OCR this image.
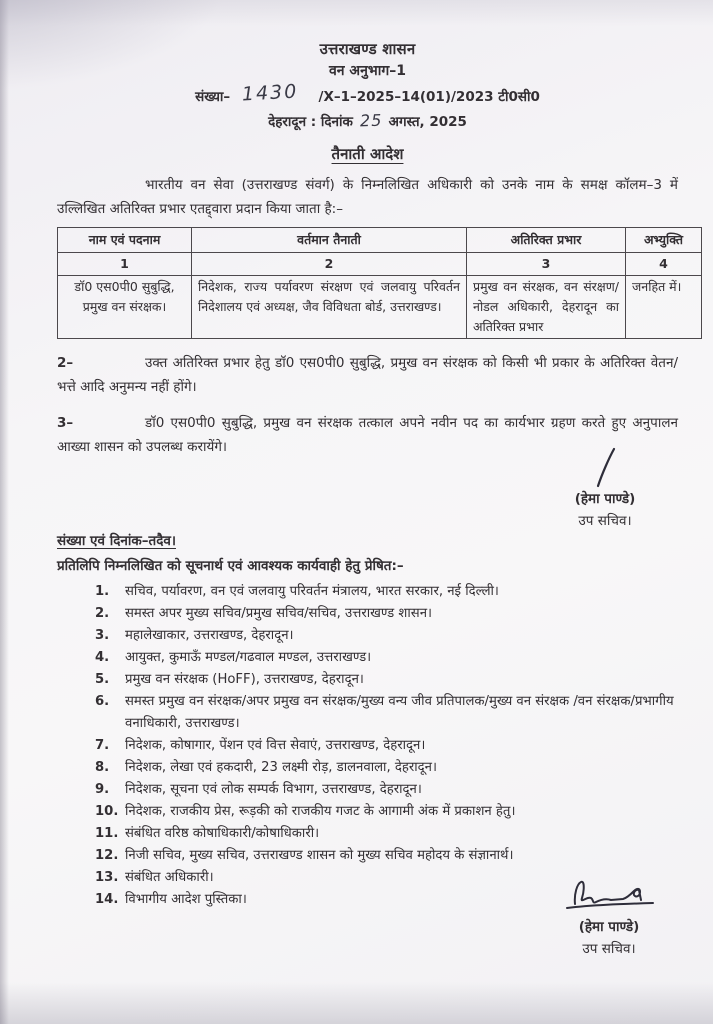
उत्तराखण्ड शासन
वन अनुभाग–1
संख्या– 1430 /X–1–2025–14(01)/2023 टी0सी0
देहरादून : दिनांक 25 अगस्त, 2025
तैनाती आदेश

भारतीय वन सेवा (उत्तराखण्ड संवर्ग) के निम्नलिखित अधिकारी को उनके नाम के समक्ष कॉलम–3 में उल्लिखित अतिरिक्त प्रभार एतद्द्वारा प्रदान किया जाता है:–

नाम एवं पदनाम	वर्तमान तैनाती	अतिरिक्त प्रभार	अभ्युक्ति
1	2	3	4
डॉ0 एस0पी0 सुबुद्धि, प्रमुख वन संरक्षक।	निदेशक, राज्य पर्यावरण संरक्षण एवं जलवायु परिवर्तन निदेशालय एवं अध्यक्ष, जैव विविधता बोर्ड, उत्तराखण्ड।	प्रमुख वन संरक्षक, वन संरक्षण/नोडल अधिकारी, देहरादून का अतिरिक्त प्रभार	जनहित में।

2–	उक्त अतिरिक्त प्रभार हेतु डॉ0 एस0पी0 सुबुद्धि, प्रमुख वन संरक्षक को किसी भी प्रकार के अतिरिक्त वेतन/भत्ते आदि अनुमन्य नहीं होंगे।

3–	डॉ0 एस0पी0 सुबुद्धि, प्रमुख वन संरक्षक तत्काल अपने नवीन पद का कार्यभार ग्रहण करते हुए अनुपालन आख्या शासन को उपलब्ध करायेंगे।

संख्या एवं दिनांक–तदैव।
प्रतिलिपि निम्नलिखित को सूचनार्थ एवं आवश्यक कार्यवाही हेतु प्रेषित:–
1.	सचिव, पर्यावरण, वन एवं जलवायु परिवर्तन मंत्रालय, भारत सरकार, नई दिल्ली।
2.	समस्त अपर मुख्य सचिव/प्रमुख सचिव/सचिव, उत्तराखण्ड शासन।
3.	महालेखाकार, उत्तराखण्ड, देहरादून।
4.	आयुक्त, कुमाऊँ मण्डल/गढवाल मण्डल, उत्तराखण्ड।
5.	प्रमुख वन संरक्षक (HoFF), उत्तराखण्ड, देहरादून।
6.	समस्त प्रमुख वन संरक्षक/अपर प्रमुख वन संरक्षक/मुख्य वन्य जीव प्रतिपालक/मुख्य वन संरक्षक /वन संरक्षक/प्रभागीय वनाधिकारी, उत्तराखण्ड।
7.	निदेशक, कोषागार, पेंशन एवं वित्त सेवाएं, उत्तराखण्ड, देहरादून।
8.	निदेशक, लेखा एवं हकदारी, 23 लक्ष्मी रोड़, डालनवाला, देहरादून।
9.	निदेशक, सूचना एवं लोक सम्पर्क विभाग, उत्तराखण्ड, देहरादून।
10. निदेशक, राजकीय प्रेस, रूड़की को राजकीय गजट के आगामी अंक में प्रकाशन हेतु।
11. संबंधित वरिष्ठ कोषाधिकारी/कोषाधिकारी।
12. निजी सचिव, मुख्य सचिव, उत्तराखण्ड शासन को मुख्य सचिव महोदय के संज्ञानार्थ।
13. संबंधित अधिकारी।
14. विभागीय आदेश पुस्तिका।
(हेमा पाण्डे)
उप सचिव।
(हेमा पाण्डे)
उप सचिव।
